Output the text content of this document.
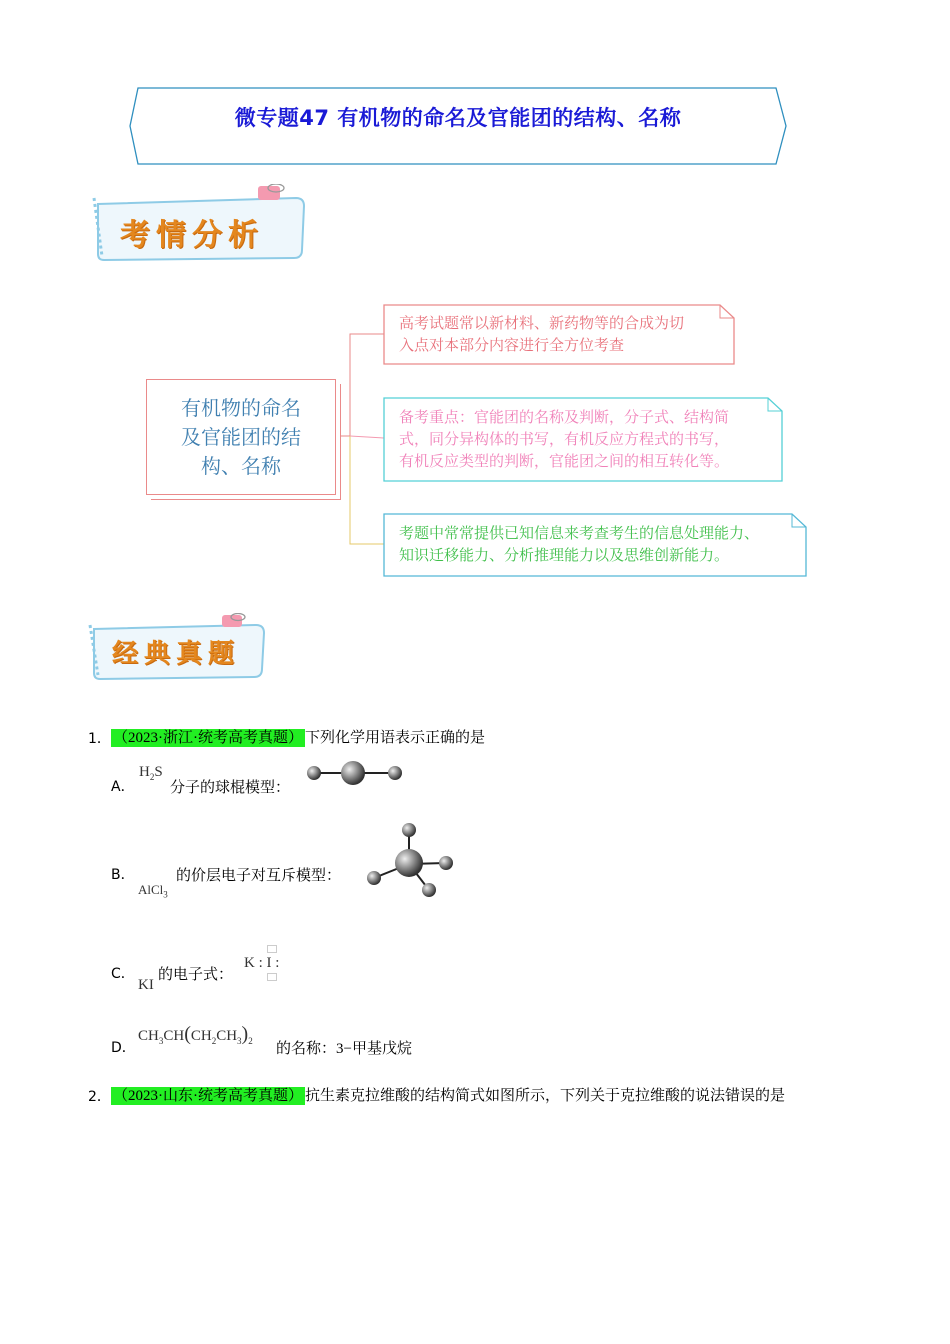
微专题47 有机物的命名及官能团的结构、名称
考情分析
有机物的命名
及官能团的结
构、名称
高考试题常以新材料、新药物等的合成为切
入点对本部分内容进行全方位考查
备考重点：官能团的名称及判断，分子式、结构简
式，同分异构体的书写，有机反应方程式的书写，
有机反应类型的判断，官能团之间的相互转化等。
考题中常常提供已知信息来考查考生的信息处理能力、
知识迁移能力、分析推理能力以及思维创新能力。
经典真题
1． （2023·浙江·统考高考真题） 下列化学用语表示正确的是
A．
$H_2S$
分子的球棍模型：
B．
AlCl$_3$
的价层电子对互斥模型：
C．
KI
的电子式：
K : I :
D．
$CH_3CH(CH_2CH_3)_2$ 的名称：3−甲基戊烷
2． （2023·山东·统考高考真题） 抗生素克拉维酸的结构简式如图所示，下列关于克拉维酸的说法错误的是
